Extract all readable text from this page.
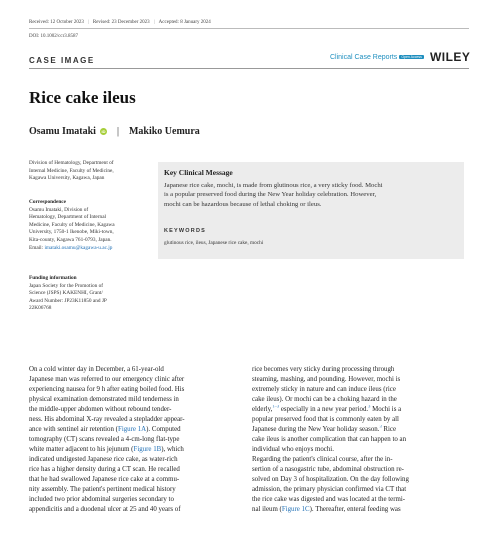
Received: 12 October 2023 | Revised: 23 December 2023 | Accepted: 8 January 2024
DOI: 10.1002/ccr3.8587
Clinical Case Reports Open Access WILEY
CASE IMAGE
Rice cake ileus
Osamu Imataki	iD	|	Makiko Uemura
Division of Hematology, Department of
Internal Medicine, Faculty of Medicine,
Kagawa University, Kagawa, Japan
Correspondence
Osamu Imataki, Division of
Hematology, Department of Internal
Medicine, Faculty of Medicine, Kagawa
University, 1750-1 Ikenobe, Miki-town,
Kita-county, Kagawa 761-0793, Japan.
Email: imataki.osamu@kagawa-u.ac.jp
Funding information
Japan Society for the Promotion of
Science (JSPS) KAKENHI, Grant/
Award Number: JP23K11850 and JP
22K06768
Key Clinical Message
Japanese rice cake, mochi, is made from glutinous rice, a very sticky food. Mochi
is a popular preserved food during the New Year holiday celebration. However,
mochi can be hazardous because of lethal choking or ileus.
KEYWORDS
glutinous rice, ileus, Japanese rice cake, mochi
On a cold winter day in December, a 61-year-old
Japanese man was referred to our emergency clinic after
experiencing nausea for 9 h after eating boiled food. His
physical examination demonstrated mild tenderness in
the middle-upper abdomen without rebound tender-
ness. His abdominal X-ray revealed a stepladder appear-
ance with sentinel air retention (Figure 1A). Computed
tomography (CT) scans revealed a 4-cm-long flat-type
white matter adjacent to his jejunum (Figure 1B), which
indicated undigested Japanese rice cake, as water-rich
rice has a higher density during a CT scan. He recalled
that he had swallowed Japanese rice cake at a commu-
nity assembly. The patient's pertinent medical history
included two prior abdominal surgeries secondary to
appendicitis and a duodenal ulcer at 25 and 40 years of
rice becomes very sticky during processing through
steaming, mashing, and pounding. However, mochi is
extremely sticky in nature and can induce ileus (rice
cake ileus). Or mochi can be a choking hazard in the
elderly,$^{1-3}$ especially in a new year period.$^3$ Mochi is a
popular preserved food that is commonly eaten by all
Japanese during the New Year holiday season.$^3$ Rice
cake ileus is another complication that can happen to an
individual who enjoys mochi.
Regarding the patient's clinical course, after the in-
sertion of a nasogastric tube, abdominal obstruction re-
solved on Day 3 of hospitalization. On the day following
admission, the primary physician confirmed via CT that
the rice cake was digested and was located at the termi-
nal ileum (Figure 1C). Thereafter, enteral feeding was
